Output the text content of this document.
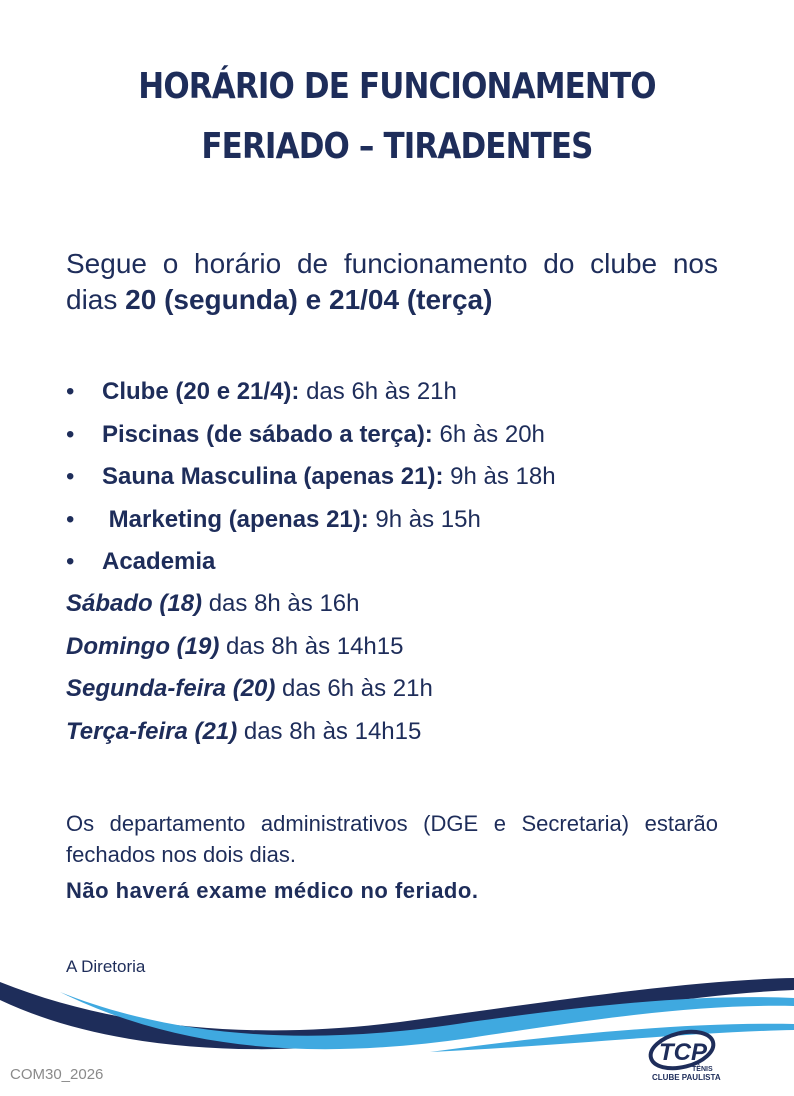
HORÁRIO DE FUNCIONAMENTO
FERIADO – TIRADENTES
Segue o horário de funcionamento do clube nos dias 20 (segunda) e 21/04 (terça)
• Clube (20 e 21/4): das 6h às 21h
• Piscinas (de sábado a terça): 6h às 20h
• Sauna Masculina (apenas 21): 9h às 18h
• Marketing (apenas 21): 9h às 15h
• Academia
Sábado (18) das 8h às 16h
Domingo (19) das 8h às 14h15
Segunda-feira (20) das 6h às 21h
Terça-feira (21) das 8h às 14h15
Os departamento administrativos (DGE e Secretaria) estarão fechados nos dois dias.
Não haverá exame médico no feriado.
A Diretoria
COM30_2026
TCP
TÊNIS
CLUBE PAULISTA
